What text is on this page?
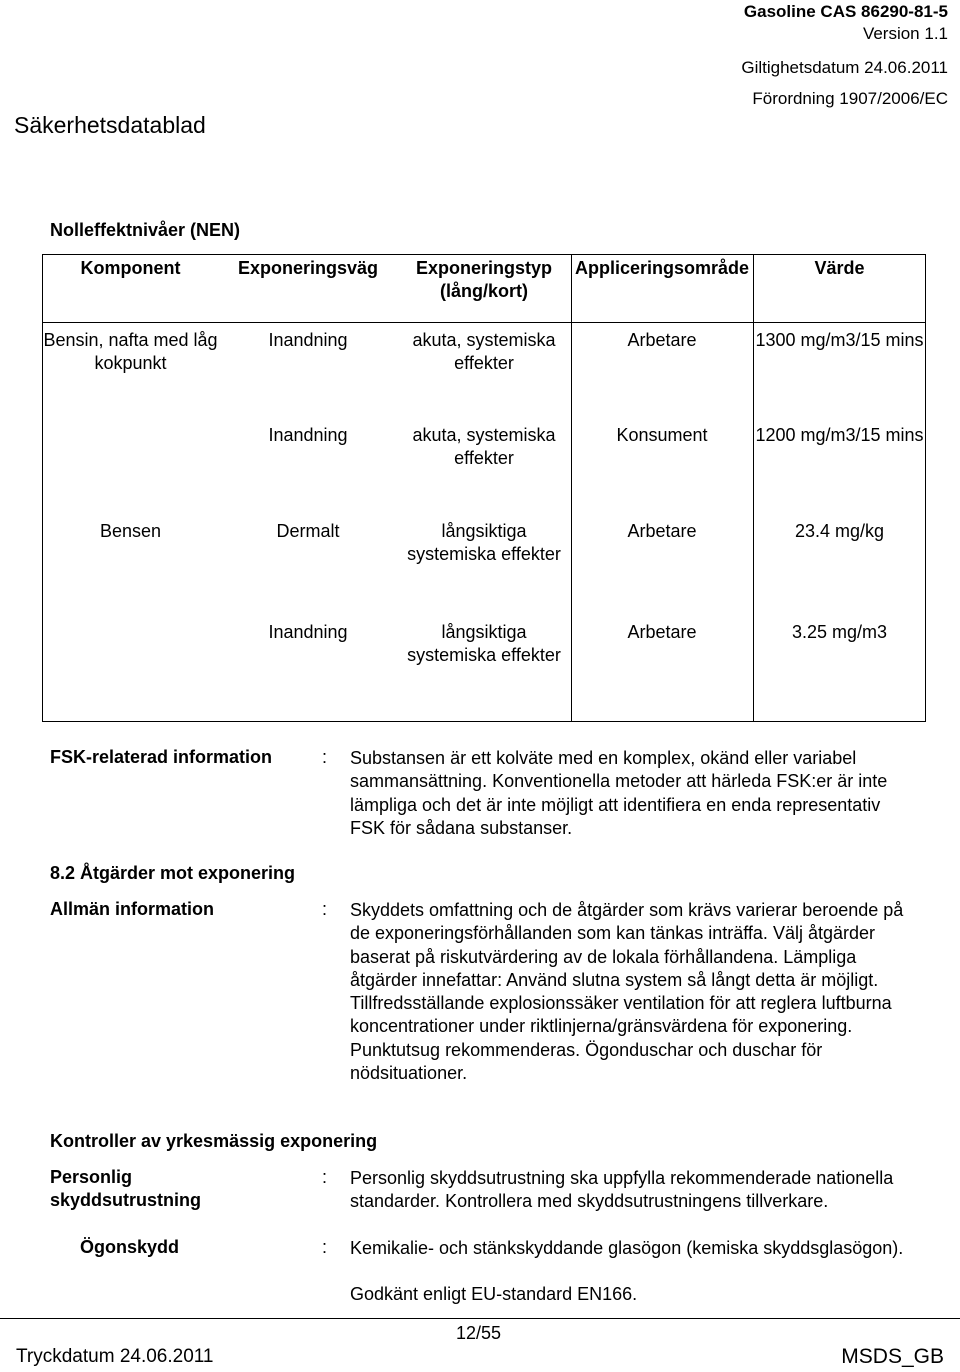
Gasoline CAS 86290-81-5
Version 1.1
Giltighetsdatum 24.06.2011
Förordning 1907/2006/EC
Säkerhetsdatablad
Nolleffektnivåer (NEN)
Komponent	Exponeringsväg	Exponeringstyp (lång/kort)	Appliceringsområde	Värde
Bensin, nafta med låg kokpunkt	Inandning	akuta, systemiska effekter	Arbetare	1300 mg/m3/15 mins
	Inandning	akuta, systemiska effekter	Konsument	1200 mg/m3/15 mins
Bensen	Dermalt	långsiktiga systemiska effekter	Arbetare	23.4 mg/kg
	Inandning	långsiktiga systemiska effekter	Arbetare	3.25 mg/m3
FSK-relaterad information	: Substansen är ett kolväte med en komplex, okänd eller variabel sammansättning. Konventionella metoder att härleda FSK:er är inte lämpliga och det är inte möjligt att identifiera en enda representativ FSK för sådana substanser.
8.2 Åtgärder mot exponering
Allmän information	: Skyddets omfattning och de åtgärder som krävs varierar beroende på de exponeringsförhållanden som kan tänkas inträffa. Välj åtgärder baserat på riskutvärdering av de lokala förhållandena. Lämpliga åtgärder innefattar: Använd slutna system så långt detta är möjligt. Tillfredsställande explosionssäker ventilation för att reglera luftburna koncentrationer under riktlinjerna/gränsvärdena för exponering. Punktutsug rekommenderas. Ögonduschar och duschar för nödsituationer.
Kontroller av yrkesmässig exponering
Personlig
skyddsutrustning
: Personlig skyddsutrustning ska uppfylla rekommenderade nationella standarder. Kontrollera med skyddsutrustningens tillverkare.
Ögonskydd	: Kemikalie- och stänkskyddande glasögon (kemiska skyddsglasögon).
Godkänt enligt EU-standard EN166.
12/55
Tryckdatum 24.06.2011	MSDS_GB
